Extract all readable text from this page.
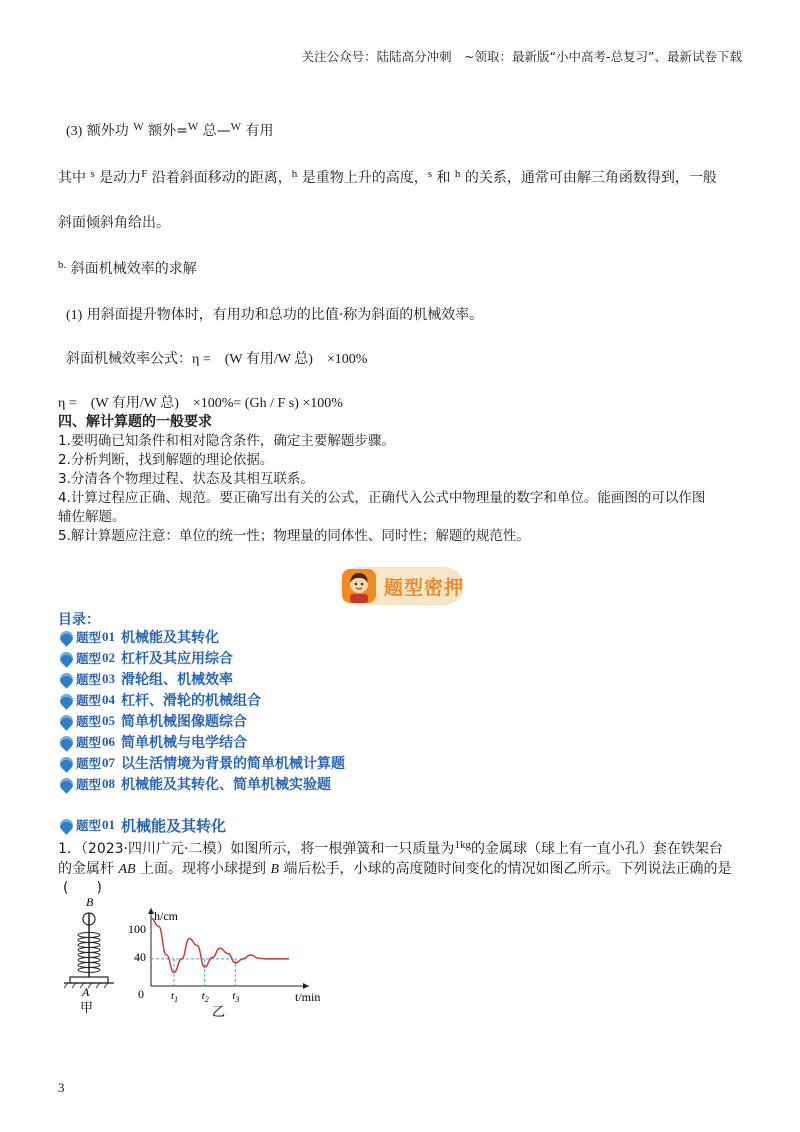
关注公众号：陆陆高分冲刺　~领取：最新版“小中高考-总复习”、最新试卷下载
(3) 额外功 $^W$ 额外=$^W$ 总—$^W$ 有用
其中 $^s$ 是动力$^F$ 沿着斜面移动的距离，$^h$ 是重物上升的高度，$^s$ 和 $^h$ 的关系，通常可由解三角函数得到，一般
斜面倾斜角给出。
$^{b.}$ 斜面机械效率的求解
(1) 用斜面提升物体时，有用功和总功的比值·称为斜面的机械效率。
斜面机械效率公式：η =　(W 有用/W 总)　×100%
η =　(W 有用/W 总)　×100%= (Gh / F s) ×100%
四、解计算题的一般要求
1.要明确已知条件和相对隐含条件，确定主要解题步骤。
2.分析判断，找到解题的理论依据。
3.分清各个物理过程、状态及其相互联系。
4.计算过程应正确、规范。要正确写出有关的公式，正确代入公式中物理量的数字和单位。能画图的可以作图
辅佐解题。
5.解计算题应注意：单位的统一性；物理量的同体性、同时性；解题的规范性。
题型密押
目录：
题型 01 机械能及其转化
题型 02 杠杆及其应用综合
题型 03 滑轮组、机械效率
题型 04 杠杆、滑轮的机械组合
题型 05 简单机械图像题综合
题型 06 简单机械与电学结合
题型 07 以生活情境为背景的简单机械计算题
题型 08 机械能及其转化、简单机械实验题
题型 01 机械能及其转化
1．（2023·四川广元·二模）如图所示，将一根弹簧和一只质量为$^{1kg}$的金属球（球上有一直小孔）套在铁架台
的金属杆 AB 上面。现将小球提到 B 端后松手，小球的高度随时间变化的情况如图乙所示。下列说法正确的是
(　　)
B
A
甲
h/cm
t/min
0
100
40
乙
$t_1$ $t_2$ $t_3$
3
